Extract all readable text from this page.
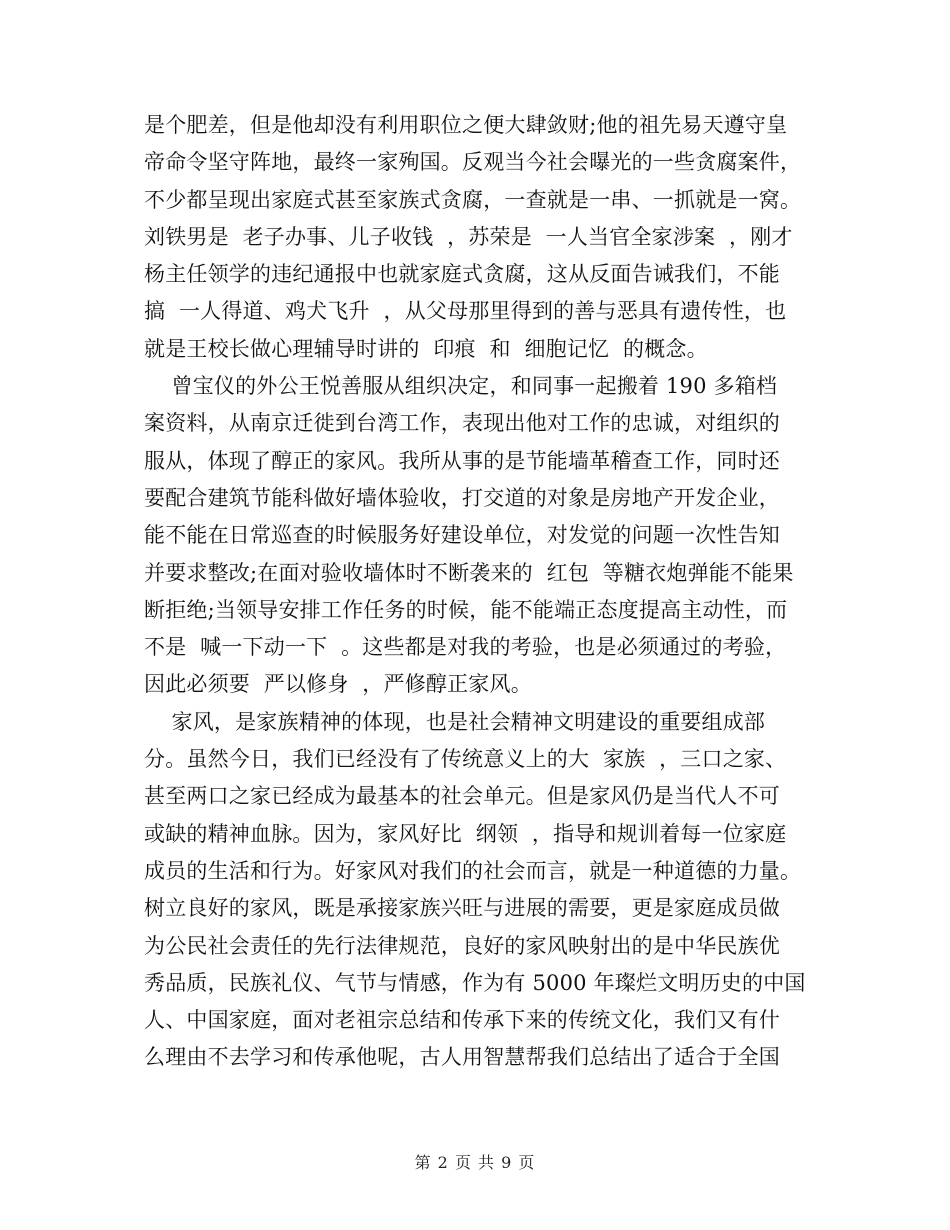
是个肥差，但是他却没有利用职位之便大肆敛财;他的祖先易天遵守皇
帝命令坚守阵地，最终一家殉国。反观当今社会曝光的一些贪腐案件，
不少都呈现出家庭式甚至家族式贪腐，一查就是一串、一抓就是一窝。
刘铁男是  老子办事、儿子收钱  ，苏荣是  一人当官全家涉案  ，刚才
杨主任领学的违纪通报中也就家庭式贪腐，这从反面告诫我们，不能
搞  一人得道、鸡犬飞升  ，从父母那里得到的善与恶具有遗传性，也
就是王校长做心理辅导时讲的  印痕  和  细胞记忆  的概念。
曾宝仪的外公王悦善服从组织决定，和同事一起搬着 190 多箱档
案资料，从南京迁徙到台湾工作，表现出他对工作的忠诚，对组织的
服从，体现了醇正的家风。我所从事的是节能墙革稽查工作，同时还
要配合建筑节能科做好墙体验收，打交道的对象是房地产开发企业，
能不能在日常巡查的时候服务好建设单位，对发觉的问题一次性告知
并要求整改;在面对验收墙体时不断袭来的  红包  等糖衣炮弹能不能果
断拒绝;当领导安排工作任务的时候，能不能端正态度提高主动性，而
不是  喊一下动一下  。这些都是对我的考验，也是必须通过的考验，
因此必须要  严以修身  ，严修醇正家风。
家风，是家族精神的体现，也是社会精神文明建设的重要组成部
分。虽然今日，我们已经没有了传统意义上的大  家族  ，三口之家、
甚至两口之家已经成为最基本的社会单元。但是家风仍是当代人不可
或缺的精神血脉。因为，家风好比  纲领  ，指导和规训着每一位家庭
成员的生活和行为。好家风对我们的社会而言，就是一种道德的力量。
树立良好的家风，既是承接家族兴旺与进展的需要，更是家庭成员做
为公民社会责任的先行法律规范，良好的家风映射出的是中华民族优
秀品质，民族礼仪、气节与情感，作为有 5000 年璨烂文明历史的中国
人、中国家庭，面对老祖宗总结和传承下来的传统文化，我们又有什
么理由不去学习和传承他呢，古人用智慧帮我们总结出了适合于全国
第 2 页 共 9 页
